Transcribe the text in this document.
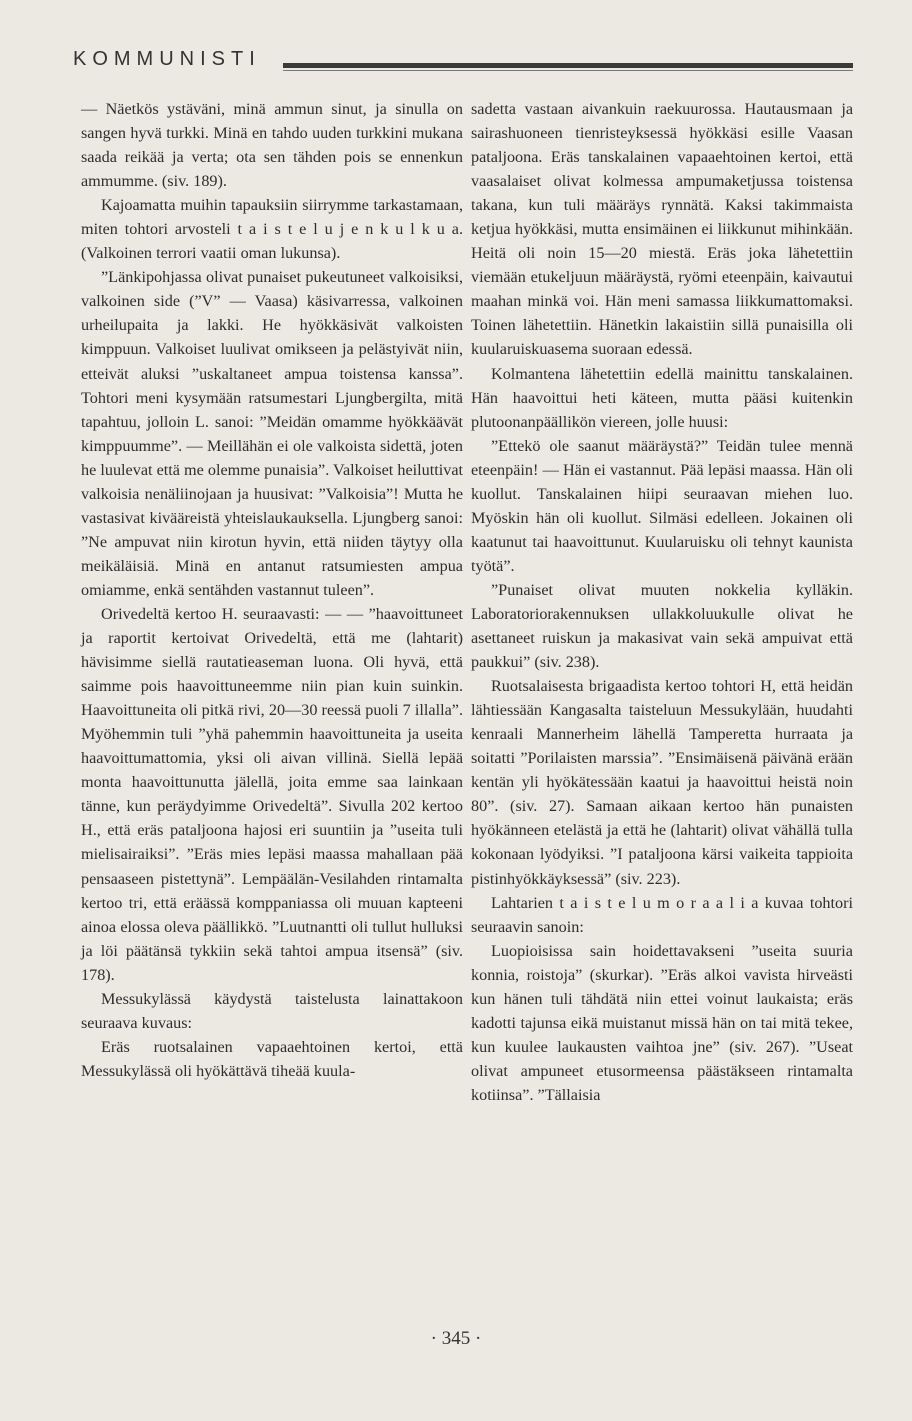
KOMMUNISTI

— Näetkös ystäväni, minä ammun sinut, ja sinulla on sangen hyvä turkki. Minä en tahdo uuden turkkini mukana saada reikää ja verta; ota sen tähden pois se ennenkun ammumme. (siv. 189).

Kajoamatta muihin tapauksiin siirrymme tarkastamaan, miten tohtori arvosteli t a i s t e l u j e n k u l k u a. (Valkoinen terrori vaatii oman lukunsa).

”Länkipohjassa olivat punaiset pukeutuneet valkoisiksi, valkoinen side (”V” — Vaasa) käsivarressa, valkoinen urheilupaita ja lakki. He hyökkäsivät valkoisten kimppuun. Valkoiset luulivat omikseen ja pelästyivät niin, etteivät aluksi ”uskaltaneet ampua toistensa kanssa”. Tohtori meni kysymään ratsumestari Ljungbergilta, mitä tapahtuu, jolloin L. sanoi: ”Meidän omamme hyökkäävät kimppuumme”. — Meillähän ei ole valkoista sidettä, joten he luulevat että me olemme punaisia”. Valkoiset heiluttivat valkoisia nenäliinojaan ja huusivat: ”Valkoisia”! Mutta he vastasivat kivääreistä yhteislaukauksella. Ljungberg sanoi: ”Ne ampuvat niin kirotun hyvin, että niiden täytyy olla meikäläisiä. Minä en antanut ratsumiesten ampua omiamme, enkä sentähden vastannut tuleen”.

Orivedeltä kertoo H. seuraavasti: — — ”haavoittuneet ja raportit kertoivat Orivedeltä, että me (lahtarit) hävisimme siellä rautatieaseman luona. Oli hyvä, että saimme pois haavoittuneemme niin pian kuin suinkin. Haavoittuneita oli pitkä rivi, 20—30 reessä puoli 7 illalla”. Myöhemmin tuli ”yhä pahemmin haavoittuneita ja useita haavoittumattomia, yksi oli aivan villinä. Siellä lepää monta haavoittunutta jälellä, joita emme saa lainkaan tänne, kun peräydyimme Orivedeltä”. Sivulla 202 kertoo H., että eräs pataljoona hajosi eri suuntiin ja ”useita tuli mielisairaiksi”. ”Eräs mies lepäsi maassa mahallaan pää pensaaseen pistettynä”. Lempäälän-Vesilahden rintamalta kertoo tri, että eräässä komppaniassa oli muuan kapteeni ainoa elossa oleva päällikkö. ”Luutnantti oli tullut hulluksi ja löi päätänsä tykkiin sekä tahtoi ampua itsensä” (siv. 178).

Messukylässä käydystä taistelusta lainattakoon seuraava kuvaus:

Eräs ruotsalainen vapaaehtoinen kertoi, että Messukylässä oli hyökättävä tiheää kuula-

sadetta vastaan aivankuin raekuurossa. Hautausmaan ja sairashuoneen tienristeyksessä hyökkäsi esille Vaasan pataljoona. Eräs tanskalainen vapaaehtoinen kertoi, että vaasalaiset olivat kolmessa ampumaketjussa toistensa takana, kun tuli määräys rynnätä. Kaksi takimmaista ketjua hyökkäsi, mutta ensimäinen ei liikkunut mihinkään. Heitä oli noin 15—20 miestä. Eräs joka lähetettiin viemään etukeljuun määräystä, ryömi eteenpäin, kaivautui maahan minkä voi. Hän meni samassa liikkumattomaksi. Toinen lähetettiin. Hänetkin lakaistiin sillä punaisilla oli kuularuiskuasema suoraan edessä.

Kolmantena lähetettiin edellä mainittu tanskalainen. Hän haavoittui heti käteen, mutta pääsi kuitenkin plutoonanpäällikön viereen, jolle huusi:

”Ettekö ole saanut määräystä?” Teidän tulee mennä eteenpäin! — Hän ei vastannut. Pää lepäsi maassa. Hän oli kuollut. Tanskalainen hiipi seuraavan miehen luo. Myöskin hän oli kuollut. Silmäsi edelleen. Jokainen oli kaatunut tai haavoittunut. Kuularuisku oli tehnyt kaunista työtä”.

”Punaiset olivat muuten nokkelia kylläkin. Laboratoriorakennuksen ullakkoluukulle olivat he asettaneet ruiskun ja makasivat vain sekä ampuivat että paukkui” (siv. 238).

Ruotsalaisesta brigaadista kertoo tohtori H, että heidän lähtiessään Kangasalta taisteluun Messukylään, huudahti kenraali Mannerheim lähellä Tamperetta hurraata ja soitatti ”Porilaisten marssia”. ”Ensimäisenä päivänä erään kentän yli hyökätessään kaatui ja haavoittui heistä noin 80”. (siv. 27). Samaan aikaan kertoo hän punaisten hyökänneen etelästä ja että he (lahtarit) olivat vähällä tulla kokonaan lyödyiksi. ”I pataljoona kärsi vaikeita tappioita pistinhyökkäyksessä” (siv. 223).

Lahtarien t a i s t e l u m o r a a l i a kuvaa tohtori seuraavin sanoin:

Luopioisissa sain hoidettavakseni ”useita suuria konnia, roistoja” (skurkar). ”Eräs alkoi vavista hirveästi kun hänen tuli tähdätä niin ettei voinut laukaista; eräs kadotti tajunsa eikä muistanut missä hän on tai mitä tekee, kun kuulee laukausten vaihtoa jne” (siv. 267). ”Useat olivat ampuneet etusormeensa päästäkseen rintamalta kotiinsa”. ”Tällaisia

· 345 ·
